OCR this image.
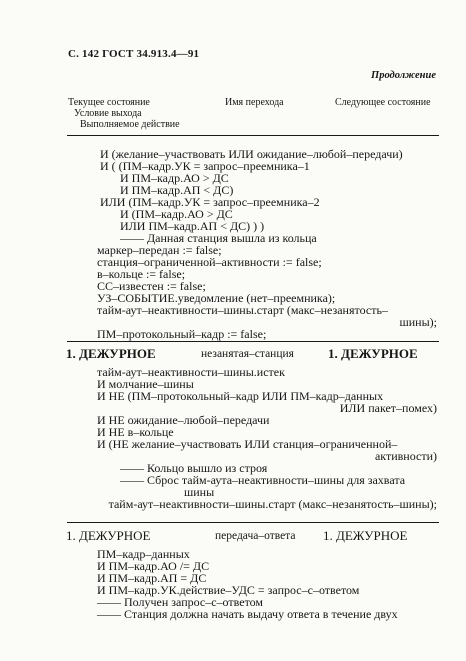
С. 142 ГОСТ 34.913.4—91
Продолжение
Текущее состояние
Условие выхода
Выполняемое действие
Имя перехода	Следующее состояние
И (желание–участвовать ИЛИ ожидание–любой–передачи)
И ( (ПМ–кадр.УК = запрос–преемника–1
И ПМ–кадр.АО > ДС
И ПМ–кадр.АП < ДС)
ИЛИ (ПМ–кадр.УК = запрос–преемника–2
И (ПМ–кадр.АО > ДС
ИЛИ ПМ–кадр.АП < ДС) ) )
—— Данная станция вышла из кольца
маркер–передан := false;
станция–ограниченной–активности := false;
в–кольце := false;
СС–известен := false;
УЗ–СОБЫТИЕ.уведомление (нет–преемника);
тайм-аут–неактивности–шины.старт (макс–незанятость–
шины);
ПМ–протокольный–кадр := false;
1. ДЕЖУРНОЕ	незанятая–станция	1. ДЕЖУРНОЕ
тайм-аут–неактивности–шины.истек
И молчание–шины
И НЕ (ПМ–протокольный–кадр ИЛИ ПМ–кадр–данных
ИЛИ пакет–помех)
И НЕ ожидание–любой–передачи
И НЕ в–кольце
И (НЕ желание–участвовать ИЛИ станция–ограниченной–
активности)
—— Кольцо вышло из строя
—— Сброс тайм-аута–неактивности–шины для захвата
шины
тайм-аут–неактивности–шины.старт (макс–незанятость–шины);
1. ДЕЖУРНОЕ	передача–ответа 1. ДЕЖУРНОЕ
ПМ–кадр–данных
И ПМ–кадр.АО /= ДС
И ПМ–кадр.АП = ДС
И ПМ–кадр.УК.действие–УДС = запрос–с–ответом
—— Получен запрос–с–ответом
—— Станция должна начать выдачу ответа в течение двух
